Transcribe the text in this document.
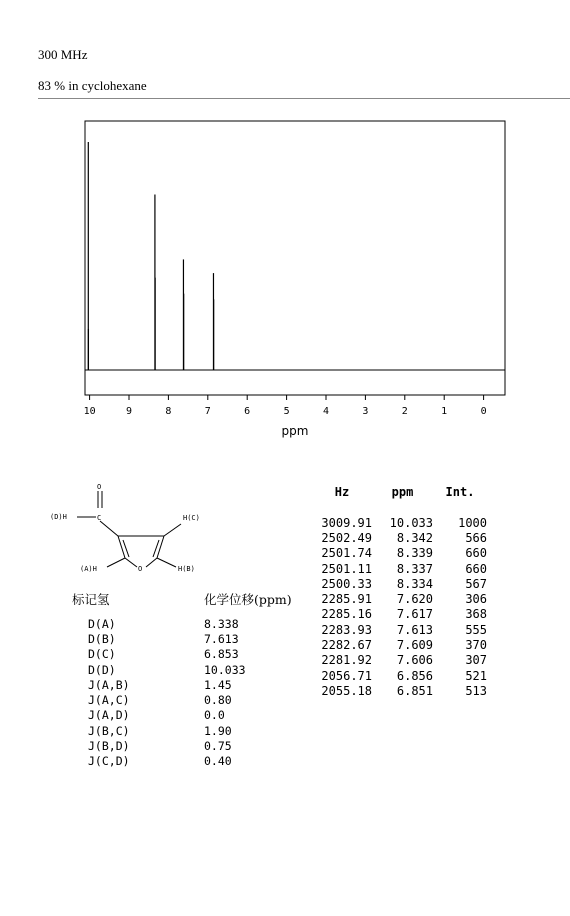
300 MHz
83 % in cyclohexane
10	9	8	7	6	5	4	3	2	1	0
ppm
O
(D)H	C	H(C)
(A)H	O	H(B)
标记氢	化学位移(ppm)
D(A)	8.338
D(B)	7.613
D(C)	6.853
D(D)	10.033
J(A,B)	1.45
J(A,C)	0.80
J(A,D)	0.0
J(B,C)	1.90
J(B,D)	0.75
J(C,D)	0.40
Hz	ppm	Int.
3009.91	10.033	1000
2502.49	8.342	566
2501.74	8.339	660
2501.11	8.337	660
2500.33	8.334	567
2285.91	7.620	306
2285.16	7.617	368
2283.93	7.613	555
2282.67	7.609	370
2281.92	7.606	307
2056.71	6.856	521
2055.18	6.851	513
